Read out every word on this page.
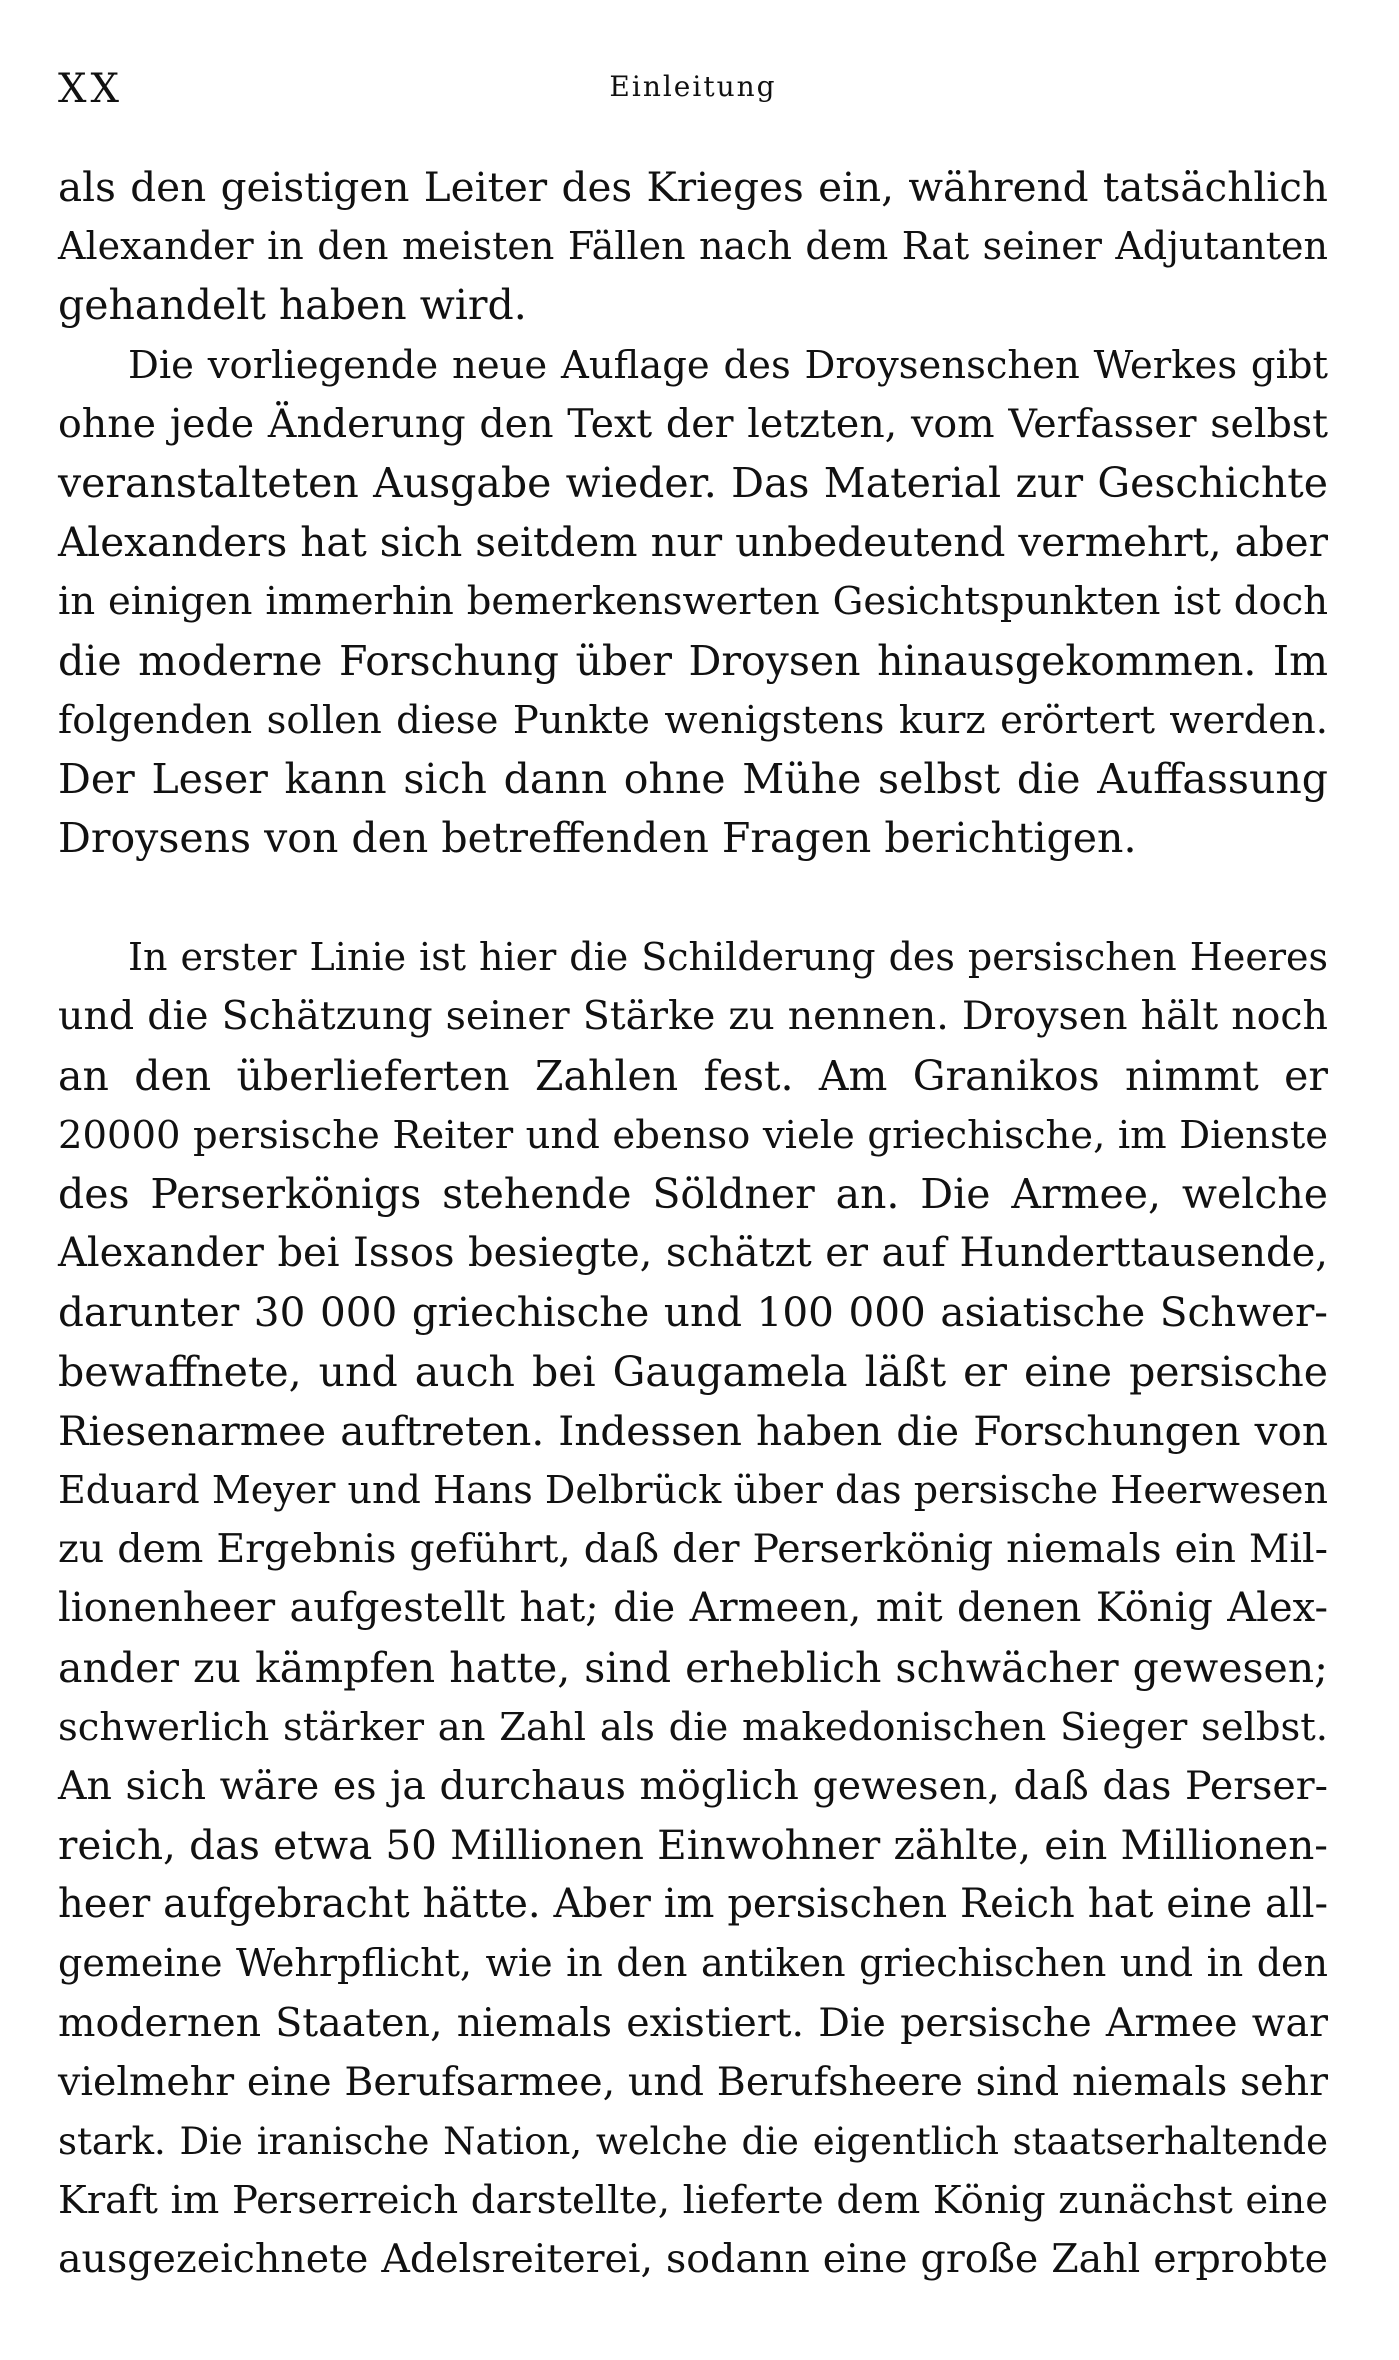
XX	Einleitung
als den geistigen Leiter des Krieges ein, während tatsächlich
Alexander in den meisten Fällen nach dem Rat seiner Adjutanten
gehandelt haben wird.
Die vorliegende neue Auflage des Droysenschen Werkes gibt
ohne jede Änderung den Text der letzten, vom Verfasser selbst
veranstalteten Ausgabe wieder. Das Material zur Geschichte
Alexanders hat sich seitdem nur unbedeutend vermehrt, aber
in einigen immerhin bemerkenswerten Gesichtspunkten ist doch
die moderne Forschung über Droysen hinausgekommen. Im
folgenden sollen diese Punkte wenigstens kurz erörtert werden.
Der Leser kann sich dann ohne Mühe selbst die Auffassung
Droysens von den betreffenden Fragen berichtigen.
In erster Linie ist hier die Schilderung des persischen Heeres
und die Schätzung seiner Stärke zu nennen. Droysen hält noch
an den überlieferten Zahlen fest. Am Granikos nimmt er
20000 persische Reiter und ebenso viele griechische, im Dienste
des Perserkönigs stehende Söldner an. Die Armee, welche
Alexander bei Issos besiegte, schätzt er auf Hunderttausende,
darunter 30 000 griechische und 100 000 asiatische Schwer-
bewaffnete, und auch bei Gaugamela läßt er eine persische
Riesenarmee auftreten. Indessen haben die Forschungen von
Eduard Meyer und Hans Delbrück über das persische Heerwesen
zu dem Ergebnis geführt, daß der Perserkönig niemals ein Mil-
lionenheer aufgestellt hat; die Armeen, mit denen König Alex-
ander zu kämpfen hatte, sind erheblich schwächer gewesen;
schwerlich stärker an Zahl als die makedonischen Sieger selbst.
An sich wäre es ja durchaus möglich gewesen, daß das Perser-
reich, das etwa 50 Millionen Einwohner zählte, ein Millionen-
heer aufgebracht hätte. Aber im persischen Reich hat eine all-
gemeine Wehrpflicht, wie in den antiken griechischen und in den
modernen Staaten, niemals existiert. Die persische Armee war
vielmehr eine Berufsarmee, und Berufsheere sind niemals sehr
stark. Die iranische Nation, welche die eigentlich staatserhaltende
Kraft im Perserreich darstellte, lieferte dem König zunächst eine
ausgezeichnete Adelsreiterei, sodann eine große Zahl erprobte
